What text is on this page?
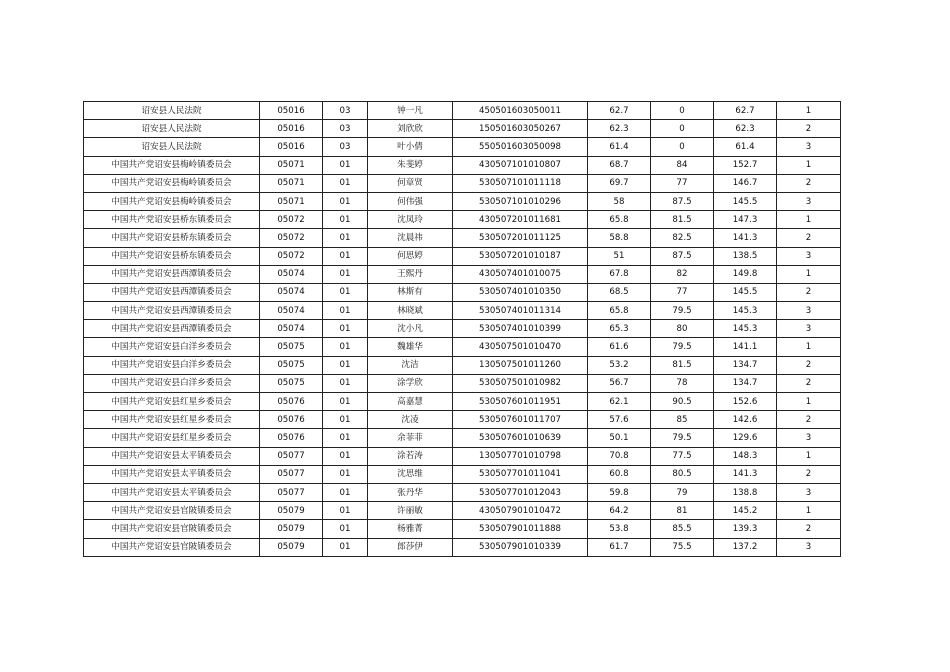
诏安县人民法院	05016	03	钟一凡	450501603050011	62.7	0	62.7	1
诏安县人民法院	05016	03	刘欣欣	150501603050267	62.3	0	62.3	2
诏安县人民法院	05016	03	叶小倩	550501603050098	61.4	0	61.4	3
中国共产党诏安县梅岭镇委员会	05071	01	朱斐婷	430507101010807	68.7	84	152.7	1
中国共产党诏安县梅岭镇委员会	05071	01	何章贤	530507101011118	69.7	77	146.7	2
中国共产党诏安县梅岭镇委员会	05071	01	何伟强	530507101010296	58	87.5	145.5	3
中国共产党诏安县桥东镇委员会	05072	01	沈凤玲	430507201011681	65.8	81.5	147.3	1
中国共产党诏安县桥东镇委员会	05072	01	沈晨祎	530507201011125	58.8	82.5	141.3	2
中国共产党诏安县桥东镇委员会	05072	01	何思婷	530507201010187	51	87.5	138.5	3
中国共产党诏安县西潭镇委员会	05074	01	王熙丹	430507401010075	67.8	82	149.8	1
中国共产党诏安县西潭镇委员会	05074	01	林斯有	530507401010350	68.5	77	145.5	2
中国共产党诏安县西潭镇委员会	05074	01	林晓斌	530507401011314	65.8	79.5	145.3	3
中国共产党诏安县西潭镇委员会	05074	01	沈小凡	530507401010399	65.3	80	145.3	3
中国共产党诏安县白洋乡委员会	05075	01	魏雄华	430507501010470	61.6	79.5	141.1	1
中国共产党诏安县白洋乡委员会	05075	01	沈洁	130507501011260	53.2	81.5	134.7	2
中国共产党诏安县白洋乡委员会	05075	01	涂学欣	530507501010982	56.7	78	134.7	2
中国共产党诏安县红星乡委员会	05076	01	高嘉慧	530507601011951	62.1	90.5	152.6	1
中国共产党诏安县红星乡委员会	05076	01	沈凌	530507601011707	57.6	85	142.6	2
中国共产党诏安县红星乡委员会	05076	01	余菲菲	530507601010639	50.1	79.5	129.6	3
中国共产党诏安县太平镇委员会	05077	01	涂若涛	130507701010798	70.8	77.5	148.3	1
中国共产党诏安县太平镇委员会	05077	01	沈思维	530507701011041	60.8	80.5	141.3	2
中国共产党诏安县太平镇委员会	05077	01	张丹华	530507701012043	59.8	79	138.8	3
中国共产党诏安县官陂镇委员会	05079	01	许丽敏	430507901010472	64.2	81	145.2	1
中国共产党诏安县官陂镇委员会	05079	01	杨雅菁	530507901011888	53.8	85.5	139.3	2
中国共产党诏安县官陂镇委员会	05079	01	郎莎伊	530507901010339	61.7	75.5	137.2	3
